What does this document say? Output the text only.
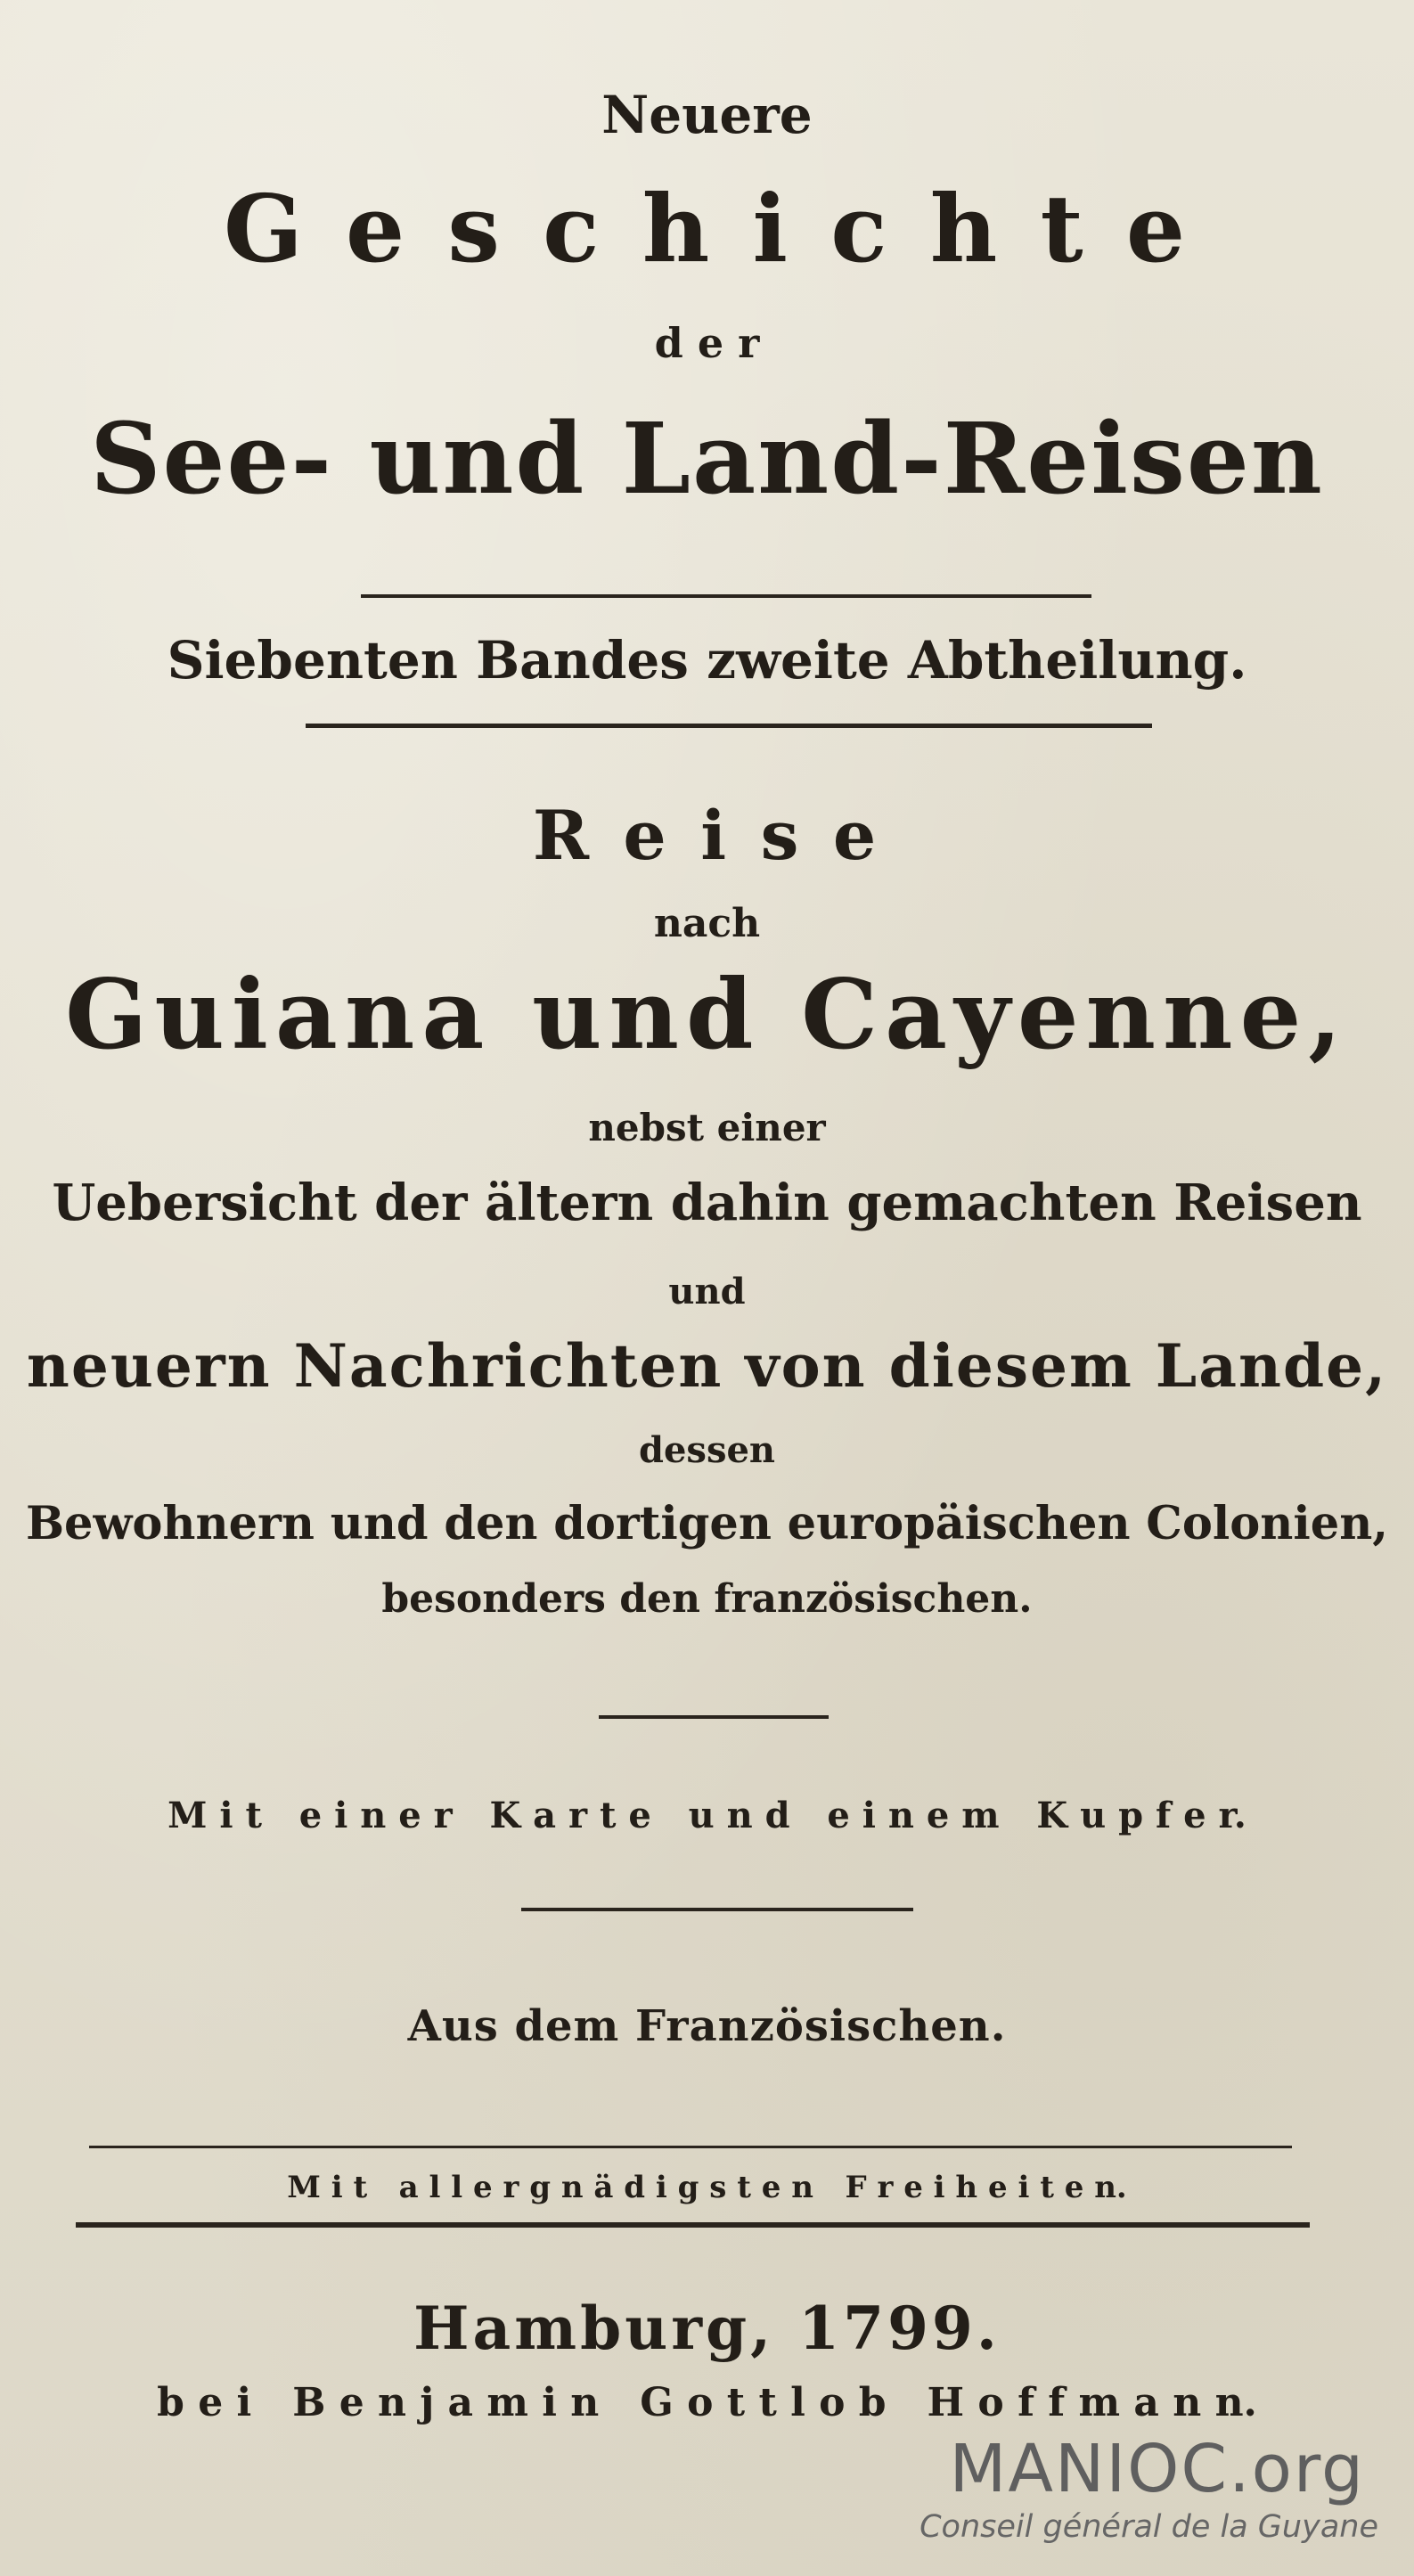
Neuere
G e s c h i c h t e
d e r
See- und Land-Reisen
Siebenten Bandes zweite Abtheilung.
R e i s e
nach
Guiana und Cayenne,
nebst einer
Uebersicht der ältern dahin gemachten Reisen
und
neuern Nachrichten von diesem Lande,
dessen
Bewohnern und den dortigen europäischen Colonien,
besonders den französischen.
M i t   e i n e r   K a r t e   u n d   e i n e m   K u p f e r.
Aus dem Französischen.
M i t   a l l e r g n ä d i g s t e n   F r e i h e i t e n.
Hamburg, 1799.
b e i   B e n j a m i n   G o t t l o b   H o f f m a n n.
MANIOC.org
Conseil général de la Guyane
